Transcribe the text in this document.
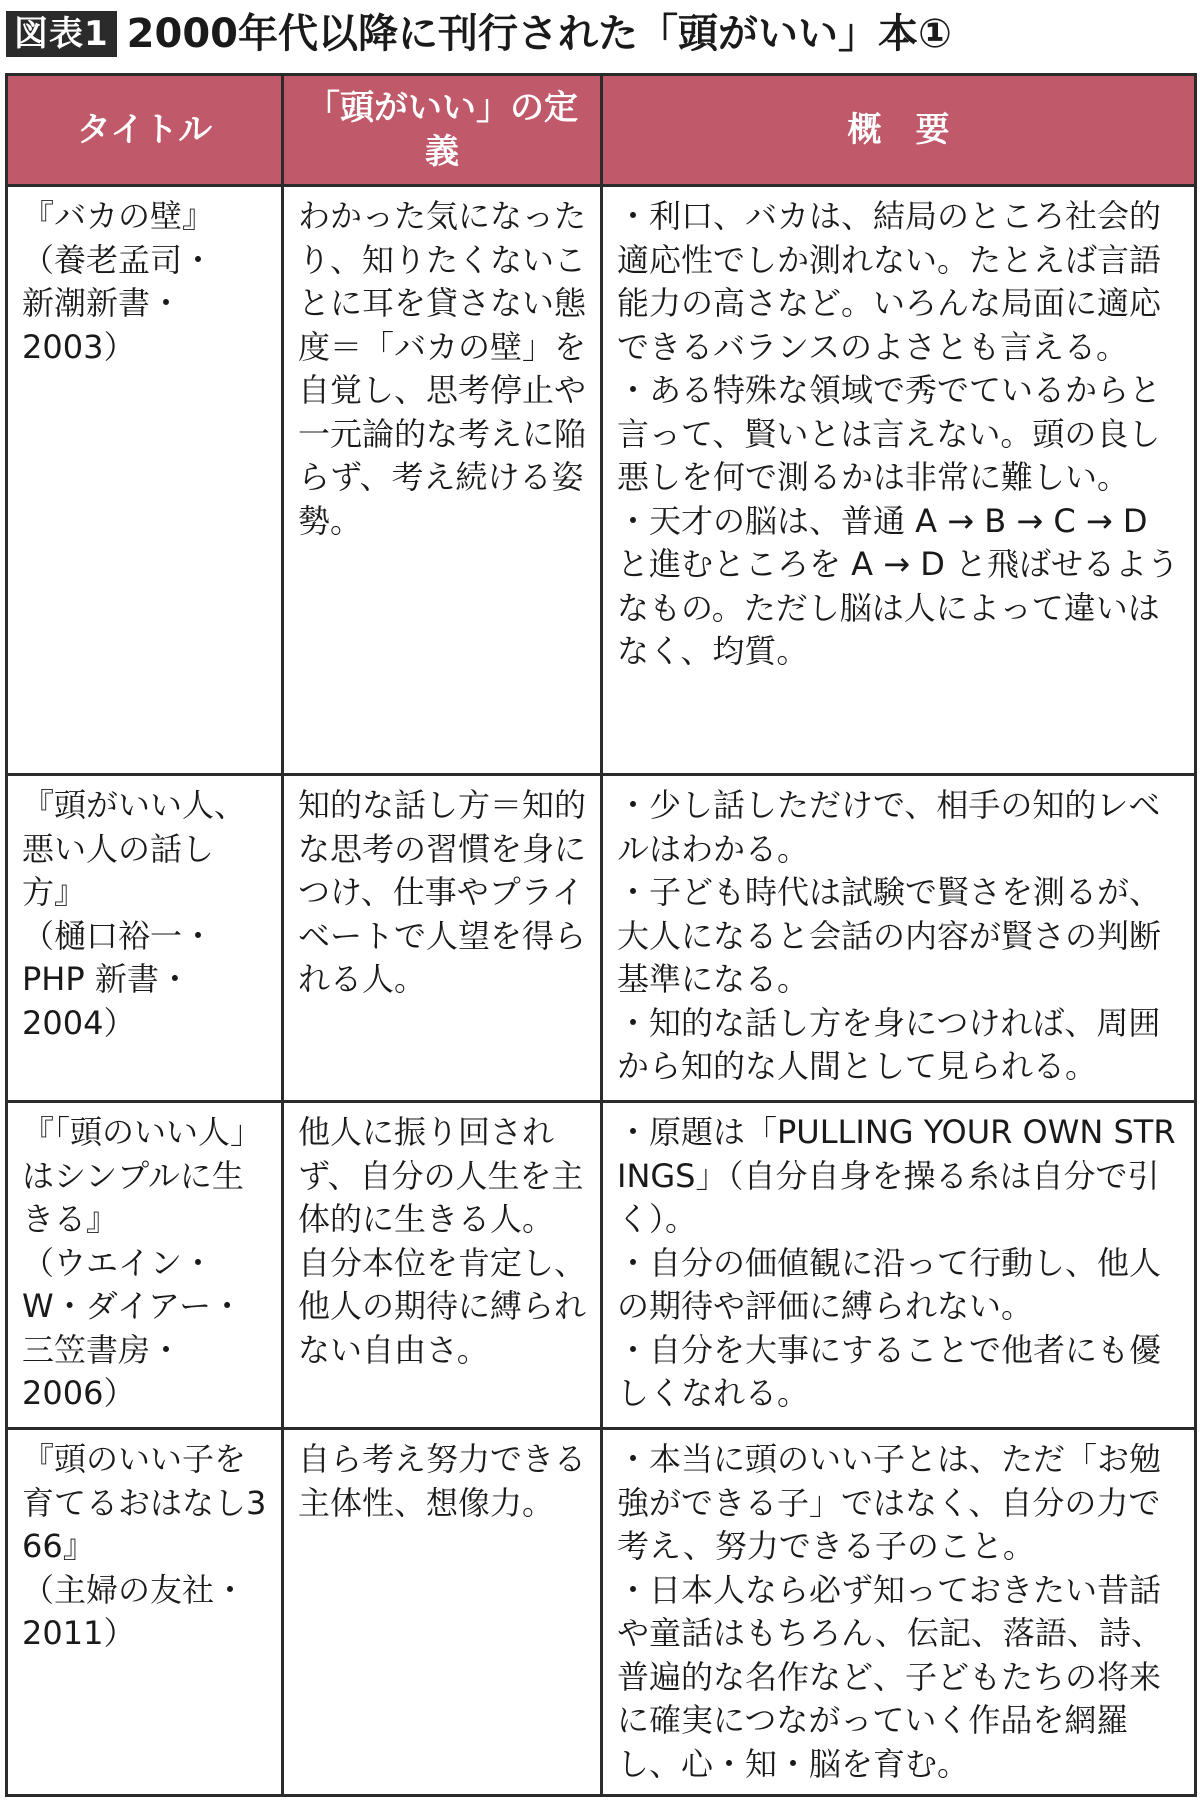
図表1 2000年代以降に刊行された「頭がいい」本①
タイトル	「頭がいい」の定義	概　要
『バカの壁』
（養老孟司・
新潮新書・
2003）	わかった気になったり、知りたくないことに耳を貸さない態度＝「バカの壁」を自覚し、思考停止や一元論的な考えに陥らず、考え続ける姿勢。	・利口、バカは、結局のところ社会的適応性でしか測れない。たとえば言語能力の高さなど。いろんな局面に適応できるバランスのよさとも言える。
・ある特殊な領域で秀でているからと言って、賢いとは言えない。頭の良し悪しを何で測るかは非常に難しい。
・天才の脳は、普通 A → B → C → D と進むところを A → D と飛ばせるようなもの。ただし脳は人によって違いはなく、均質。
『頭がいい人、悪い人の話し方』
（樋口裕一・
PHP 新書・
2004）	知的な話し方＝知的な思考の習慣を身につけ、仕事やプライベートで人望を得られる人。	・少し話しただけで、相手の知的レベルはわかる。
・子ども時代は試験で賢さを測るが、大人になると会話の内容が賢さの判断基準になる。
・知的な話し方を身につければ、周囲から知的な人間として見られる。
『「頭のいい人」はシンプルに生きる』
（ウエイン・
W・ダイアー・
三笠書房・
2006）	他人に振り回されず、自分の人生を主体的に生きる人。
自分本位を肯定し、他人の期待に縛られない自由さ。	・原題は「PULLING YOUR OWN STRINGS」（自分自身を操る糸は自分で引く）。
・自分の価値観に沿って行動し、他人の期待や評価に縛られない。
・自分を大事にすることで他者にも優しくなれる。
『頭のいい子を育てるおはなし366』
（主婦の友社・
2011）	自ら考え努力できる主体性、想像力。	・本当に頭のいい子とは、ただ「お勉強ができる子」ではなく、自分の力で考え、努力できる子のこと。
・日本人なら必ず知っておきたい昔話や童話はもちろん、伝記、落語、詩、普遍的な名作など、子どもたちの将来に確実につながっていく作品を網羅し、心・知・脳を育む。
